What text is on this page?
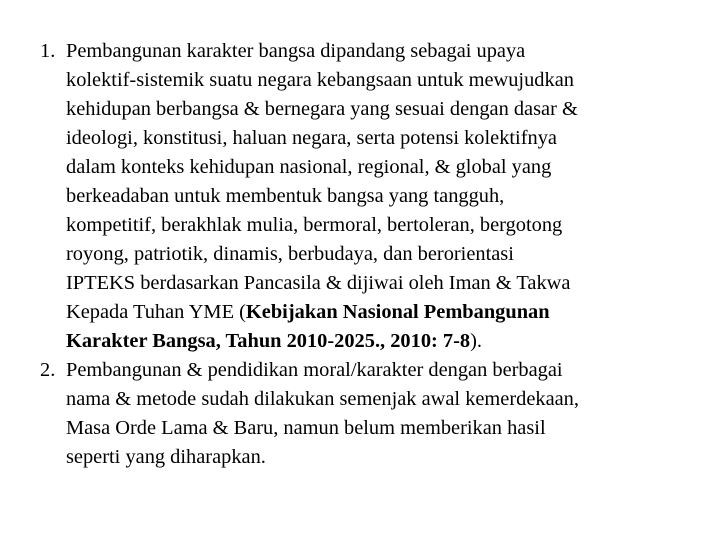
1. Pembangunan karakter bangsa dipandang sebagai upaya
kolektif-sistemik suatu negara kebangsaan untuk mewujudkan
kehidupan berbangsa & bernegara yang sesuai dengan dasar &
ideologi, konstitusi, haluan negara, serta potensi kolektifnya
dalam konteks kehidupan nasional, regional, & global yang
berkeadaban untuk membentuk bangsa yang tangguh,
kompetitif, berakhlak mulia, bermoral, bertoleran, bergotong
royong, patriotik, dinamis, berbudaya, dan berorientasi
IPTEKS berdasarkan Pancasila & dijiwai oleh Iman & Takwa
Kepada Tuhan YME (Kebijakan Nasional Pembangunan
Karakter Bangsa, Tahun 2010-2025., 2010: 7-8).
2. Pembangunan & pendidikan moral/karakter dengan berbagai
nama & metode sudah dilakukan semenjak awal kemerdekaan,
Masa Orde Lama & Baru, namun belum memberikan hasil
seperti yang diharapkan.
